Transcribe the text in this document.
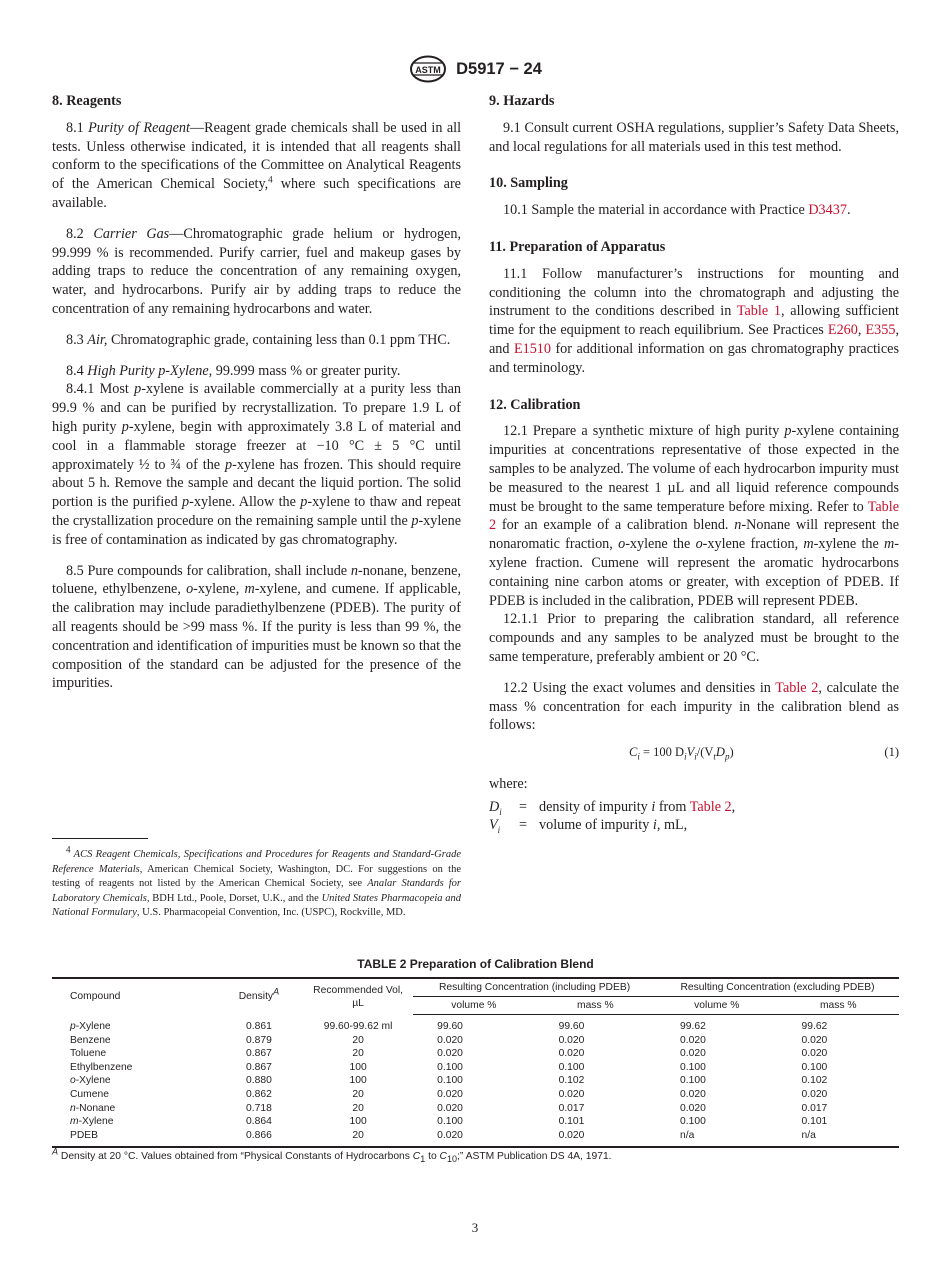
ASTM D5917 − 24
8. Reagents

8.1 Purity of Reagent—Reagent grade chemicals shall be used in all tests. Unless otherwise indicated, it is intended that all reagents shall conform to the specifications of the Committee on Analytical Reagents of the American Chemical Society,$^4$ where such specifications are available.

8.2 Carrier Gas—Chromatographic grade helium or hydrogen, 99.999 % is recommended. Purify carrier, fuel and makeup gases by adding traps to reduce the concentration of any remaining oxygen, water, and hydrocarbons. Purify air by adding traps to reduce the concentration of any remaining hydrocarbons and water.

8.3 Air, Chromatographic grade, containing less than 0.1 ppm THC.

8.4 High Purity p-Xylene, 99.999 mass % or greater purity.

8.4.1 Most p-xylene is available commercially at a purity less than 99.9 % and can be purified by recrystallization. To prepare 1.9 L of high purity p-xylene, begin with approximately 3.8 L of material and cool in a flammable storage freezer at −10 °C ± 5 °C until approximately ½ to ¾ of the p-xylene has frozen. This should require about 5 h. Remove the sample and decant the liquid portion. The solid portion is the purified p-xylene. Allow the p-xylene to thaw and repeat the crystallization procedure on the remaining sample until the p-xylene is free of contamination as indicated by gas chromatography.

8.5 Pure compounds for calibration, shall include n-nonane, benzene, toluene, ethylbenzene, o-xylene, m-xylene, and cumene. If applicable, the calibration may include paradiethylbenzene (PDEB). The purity of all reagents should be >99 mass %. If the purity is less than 99 %, the concentration and identification of impurities must be known so that the composition of the standard can be adjusted for the presence of the impurities.

$^4$ ACS Reagent Chemicals, Specifications and Procedures for Reagents and Standard-Grade Reference Materials, American Chemical Society, Washington, DC. For suggestions on the testing of reagents not listed by the American Chemical Society, see Analar Standards for Laboratory Chemicals, BDH Ltd., Poole, Dorset, U.K., and the United States Pharmacopeia and National Formulary, U.S. Pharmacopeial Convention, Inc. (USPC), Rockville, MD.
9. Hazards

9.1 Consult current OSHA regulations, supplier’s Safety Data Sheets, and local regulations for all materials used in this test method.

10. Sampling

10.1 Sample the material in accordance with Practice D3437.

11. Preparation of Apparatus

11.1 Follow manufacturer’s instructions for mounting and conditioning the column into the chromatograph and adjusting the instrument to the conditions described in Table 1, allowing sufficient time for the equipment to reach equilibrium. See Practices E260, E355, and E1510 for additional information on gas chromatography practices and terminology.

12. Calibration

12.1 Prepare a synthetic mixture of high purity p-xylene containing impurities at concentrations representative of those expected in the samples to be analyzed. The volume of each hydrocarbon impurity must be measured to the nearest 1 µL and all liquid reference compounds must be brought to the same temperature before mixing. Refer to Table 2 for an example of a calibration blend. n-Nonane will represent the nonaromatic fraction, o-xylene the o-xylene fraction, m-xylene the m-xylene fraction. Cumene will represent the aromatic hydrocarbons containing nine carbon atoms or greater, with exception of PDEB. If PDEB is included in the calibration, PDEB will represent PDEB.

12.1.1 Prior to preparing the calibration standard, all reference compounds and any samples to be analyzed must be brought to the same temperature, preferably ambient or 20 °C.

12.2 Using the exact volumes and densities in Table 2, calculate the mass % concentration for each impurity in the calibration blend as follows:

$C_i = 100$ $D_iV_i/(V_tD_p)$	(1)

where:

$D_i$	= density of impurity i from Table 2,
$V_i$	= volume of impurity i, mL,
TABLE 2 Preparation of Calibration Blend
Compound	Density$^A$	Recommended Vol, µL	Resulting Concentration (including PDEB)		Resulting Concentration (excluding PDEB)	
			volume %	mass %	volume %	mass %
p-Xylene	0.861	99.60-99.62 ml	99.60	99.60	99.62	99.62
Benzene	0.879	20	0.020	0.020	0.020	0.020
Toluene	0.867	20	0.020	0.020	0.020	0.020
Ethylbenzene	0.867	100	0.100	0.100	0.100	0.100
o-Xylene	0.880	100	0.100	0.102	0.100	0.102
Cumene	0.862	20	0.020	0.020	0.020	0.020
n-Nonane	0.718	20	0.020	0.017	0.020	0.017
m-Xylene	0.864	100	0.100	0.101	0.100	0.101
PDEB	0.866	20	0.020	0.020	n/a	n/a
$^A$ Density at 20 °C. Values obtained from “Physical Constants of Hydrocarbons $C_1$ to $C_{10}$;” ASTM Publication DS 4A, 1971.
3
